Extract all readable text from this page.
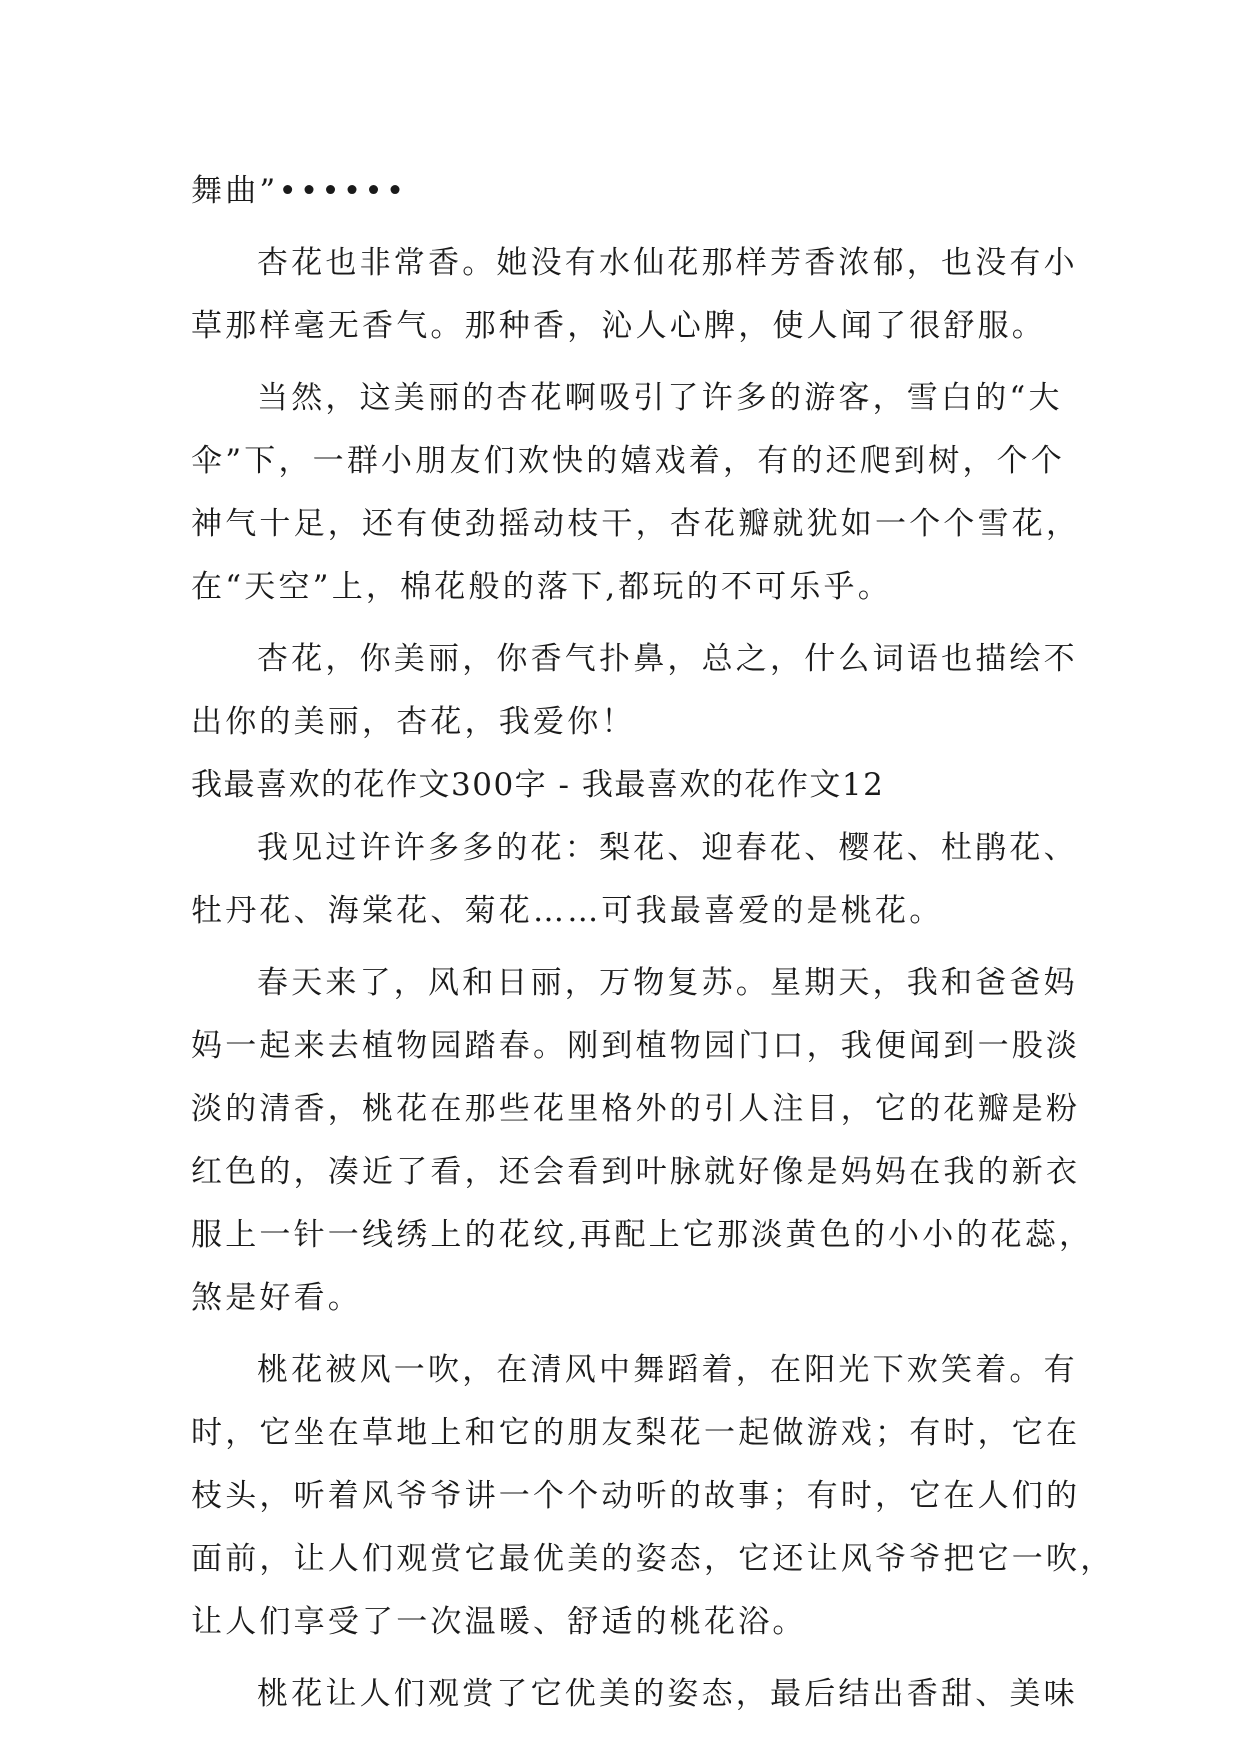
舞曲”••••••
杏花也非常香。她没有水仙花那样芳香浓郁，也没有小
草那样毫无香气。那种香，沁人心脾，使人闻了很舒服。
当然，这美丽的杏花啊吸引了许多的游客，雪白的“大
伞”下，一群小朋友们欢快的嬉戏着，有的还爬到树，个个
神气十足，还有使劲摇动枝干，杏花瓣就犹如一个个雪花，
在“天空”上，棉花般的落下,都玩的不可乐乎。
杏花，你美丽，你香气扑鼻，总之，什么词语也描绘不
出你的美丽，杏花，我爱你！
我最喜欢的花作文300字 - 我最喜欢的花作文12
我见过许许多多的花：梨花、迎春花、樱花、杜鹃花、
牡丹花、海棠花、菊花……可我最喜爱的是桃花。
春天来了，风和日丽，万物复苏。星期天，我和爸爸妈
妈一起来去植物园踏春。刚到植物园门口，我便闻到一股淡
淡的清香，桃花在那些花里格外的引人注目，它的花瓣是粉
红色的，凑近了看，还会看到叶脉就好像是妈妈在我的新衣
服上一针一线绣上的花纹,再配上它那淡黄色的小小的花蕊，
煞是好看。
桃花被风一吹，在清风中舞蹈着，在阳光下欢笑着。有
时，它坐在草地上和它的朋友梨花一起做游戏；有时，它在
枝头，听着风爷爷讲一个个动听的故事；有时，它在人们的
面前，让人们观赏它最优美的姿态，它还让风爷爷把它一吹，
让人们享受了一次温暖、舒适的桃花浴。
桃花让人们观赏了它优美的姿态，最后结出香甜、美味
